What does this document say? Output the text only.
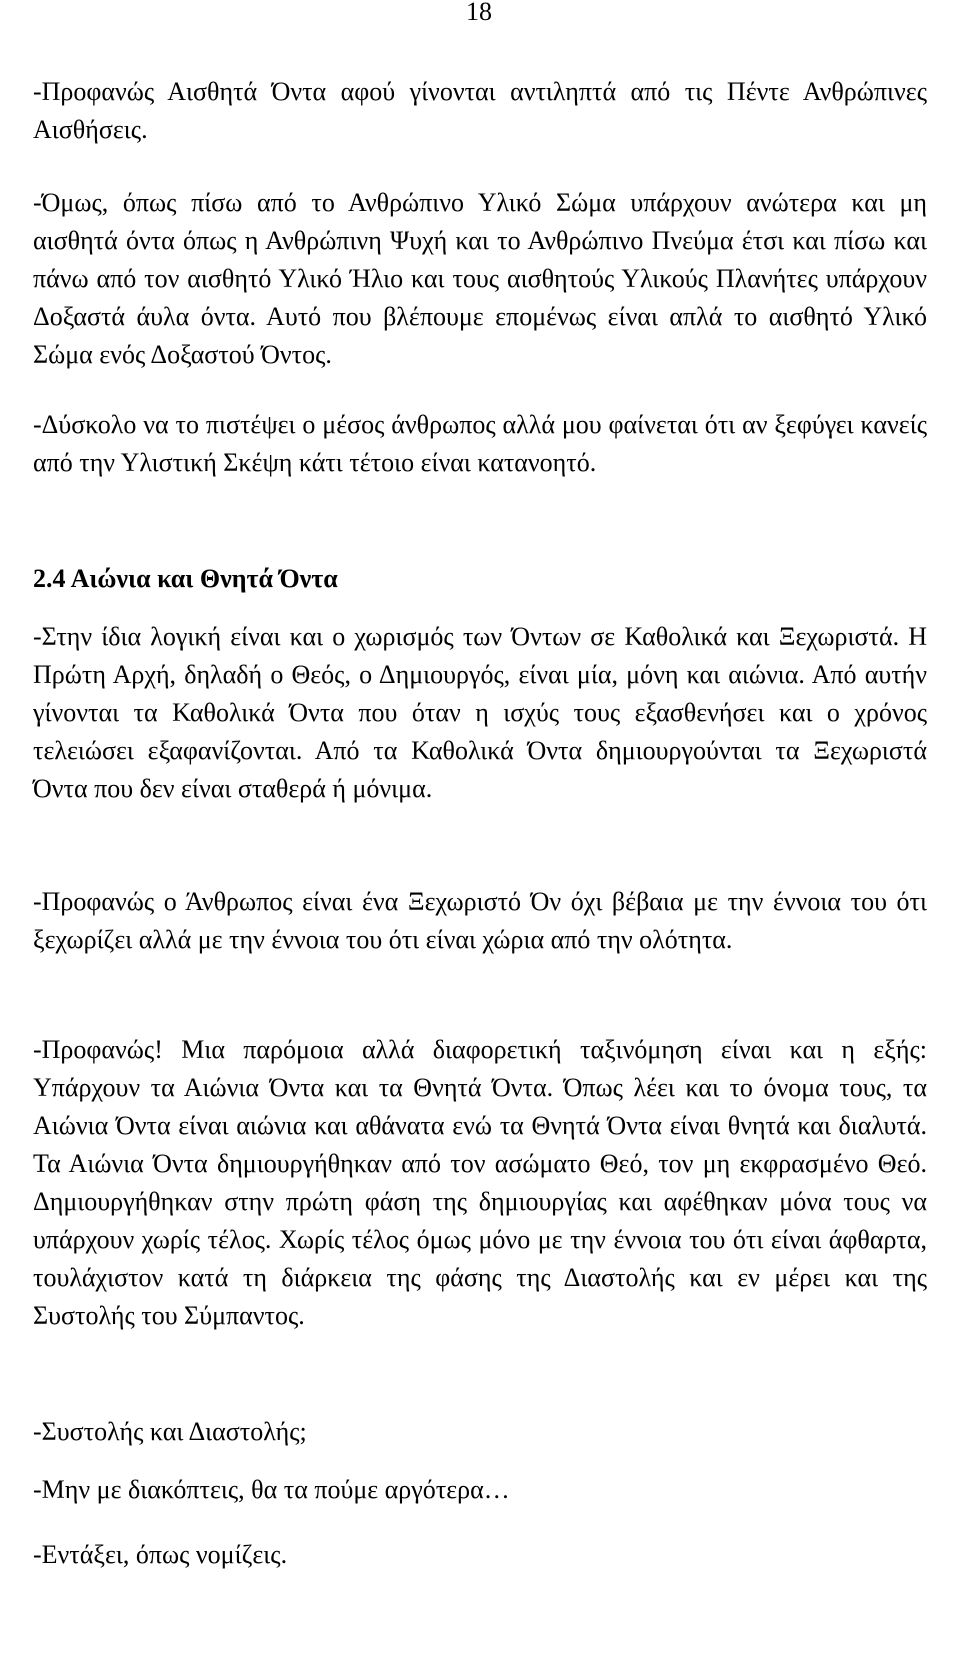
18

-Προφανώς Αισθητά Όντα αφού γίνονται αντιληπτά από τις Πέντε Ανθρώπινες Αισθήσεις.

-Όμως, όπως πίσω από το Ανθρώπινο Υλικό Σώμα υπάρχουν ανώτερα και μη αισθητά όντα όπως η Ανθρώπινη Ψυχή και το Ανθρώπινο Πνεύμα έτσι και πίσω και πάνω από τον αισθητό Υλικό Ήλιο και τους αισθητούς Υλικούς Πλανήτες υπάρχουν Δοξαστά άυλα όντα. Αυτό που βλέπουμε επομένως είναι απλά το αισθητό Υλικό Σώμα ενός Δοξαστού Όντος.

-Δύσκολο να το πιστέψει ο μέσος άνθρωπος αλλά μου φαίνεται ότι αν ξεφύγει κανείς από την Υλιστική Σκέψη κάτι τέτοιο είναι κατανοητό.

2.4 Αιώνια και Θνητά Όντα

-Στην ίδια λογική είναι και ο χωρισμός των Όντων σε Καθολικά και Ξεχωριστά. Η Πρώτη Αρχή, δηλαδή ο Θεός, ο Δημιουργός, είναι μία, μόνη και αιώνια. Από αυτήν γίνονται τα Καθολικά Όντα που όταν η ισχύς τους εξασθενήσει και ο χρόνος τελειώσει εξαφανίζονται. Από τα Καθολικά Όντα δημιουργούνται τα Ξεχωριστά Όντα που δεν είναι σταθερά ή μόνιμα.

-Προφανώς ο Άνθρωπος είναι ένα Ξεχωριστό Όν όχι βέβαια με την έννοια του ότι ξεχωρίζει αλλά με την έννοια του ότι είναι χώρια από την ολότητα.

-Προφανώς! Μια παρόμοια αλλά διαφορετική ταξινόμηση είναι και η εξής: Υπάρχουν τα Αιώνια Όντα και τα Θνητά Όντα. Όπως λέει και το όνομα τους, τα Αιώνια Όντα είναι αιώνια και αθάνατα ενώ τα Θνητά Όντα είναι θνητά και διαλυτά. Τα Αιώνια Όντα δημιουργήθηκαν από τον ασώματο Θεό, τον μη εκφρασμένο Θεό. Δημιουργήθηκαν στην πρώτη φάση της δημιουργίας και αφέθηκαν μόνα τους να υπάρχουν χωρίς τέλος. Χωρίς τέλος όμως μόνο με την έννοια του ότι είναι άφθαρτα, τουλάχιστον κατά τη διάρκεια της φάσης της Διαστολής και εν μέρει και της Συστολής του Σύμπαντος.

-Συστολής και Διαστολής;

-Μην με διακόπτεις, θα τα πούμε αργότερα…

-Εντάξει, όπως νομίζεις.
